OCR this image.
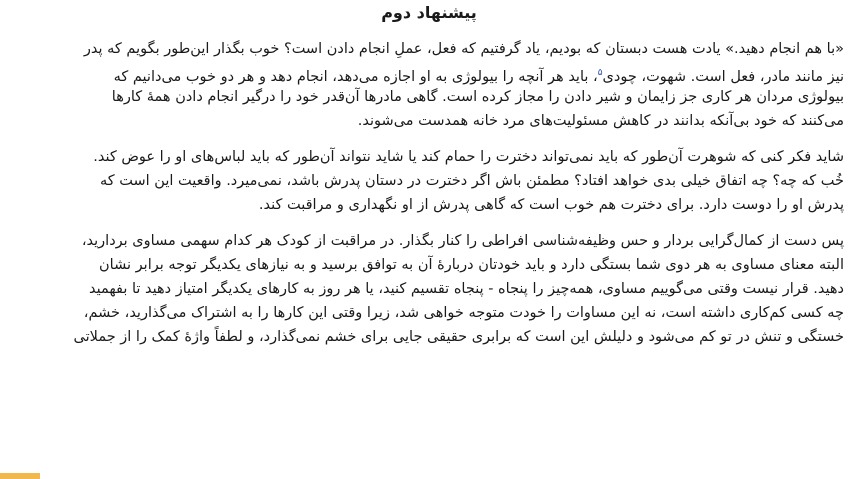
پیشنهاد دوم
«با هم انجام دهید.» یادت هست دبستان که بودیم، یاد گرفتیم که فعل، عملِ انجام دادن است؟ خوب بگذار این‌طور بگویم که پدر
نیز مانند مادر، فعل است. شهوت، چودی$^۵$، باید هر آنچه را بیولوژی به او اجازه می‌دهد، انجام دهد و هر دو خوب می‌دانیم که
بیولوژی مردان هر کاری جز زایمان و شیر دادن را مجاز کرده است. گاهی مادرها آن‌قدر خود را درگیر انجام دادن همهٔ کارها
می‌کنند که خود بی‌آنکه بدانند در کاهش مسئولیت‌های مرد خانه همدست می‌شوند.
شاید فکر کنی که شوهرت آن‌طور که باید نمی‌تواند دخترت را حمام کند یا شاید نتواند آن‌طور که باید لباس‌های او را عوض کند.
خُب که چه؟ چه اتفاق خیلی بدی خواهد افتاد؟ مطمئن باش اگر دخترت در دستان پدرش باشد، نمی‌میرد. واقعیت این است که
پدرش او را دوست دارد. برای دخترت هم خوب است که گاهی پدرش از او نگهداری و مراقبت کند.
پس دست از کمال‌گرایی بردار و حس وظیفه‌شناسی افراطی را کنار بگذار. در مراقبت از کودک هر کدام سهمی مساوی بردارید،
البته معنای مساوی به هر دوی شما بستگی دارد و باید خودتان دربارهٔ آن به توافق برسید و به نیازهای یکدیگر توجه برابر نشان
دهید. قرار نیست وقتی می‌گوییم مساوی، همه‌چیز را پنجاه - پنجاه تقسیم کنید، یا هر روز به کارهای یکدیگر امتیاز دهید تا بفهمید
چه کسی کم‌کاری داشته است، نه این مساوات را خودت متوجه خواهی شد، زیرا وقتی این کارها را به اشتراک می‌گذارید، خشم،
خستگی و تنش در تو کم می‌شود و دلیلش این است که برابری حقیقی جایی برای خشم نمی‌گذارد، و لطفاً واژهٔ کمک را از جملاتی
